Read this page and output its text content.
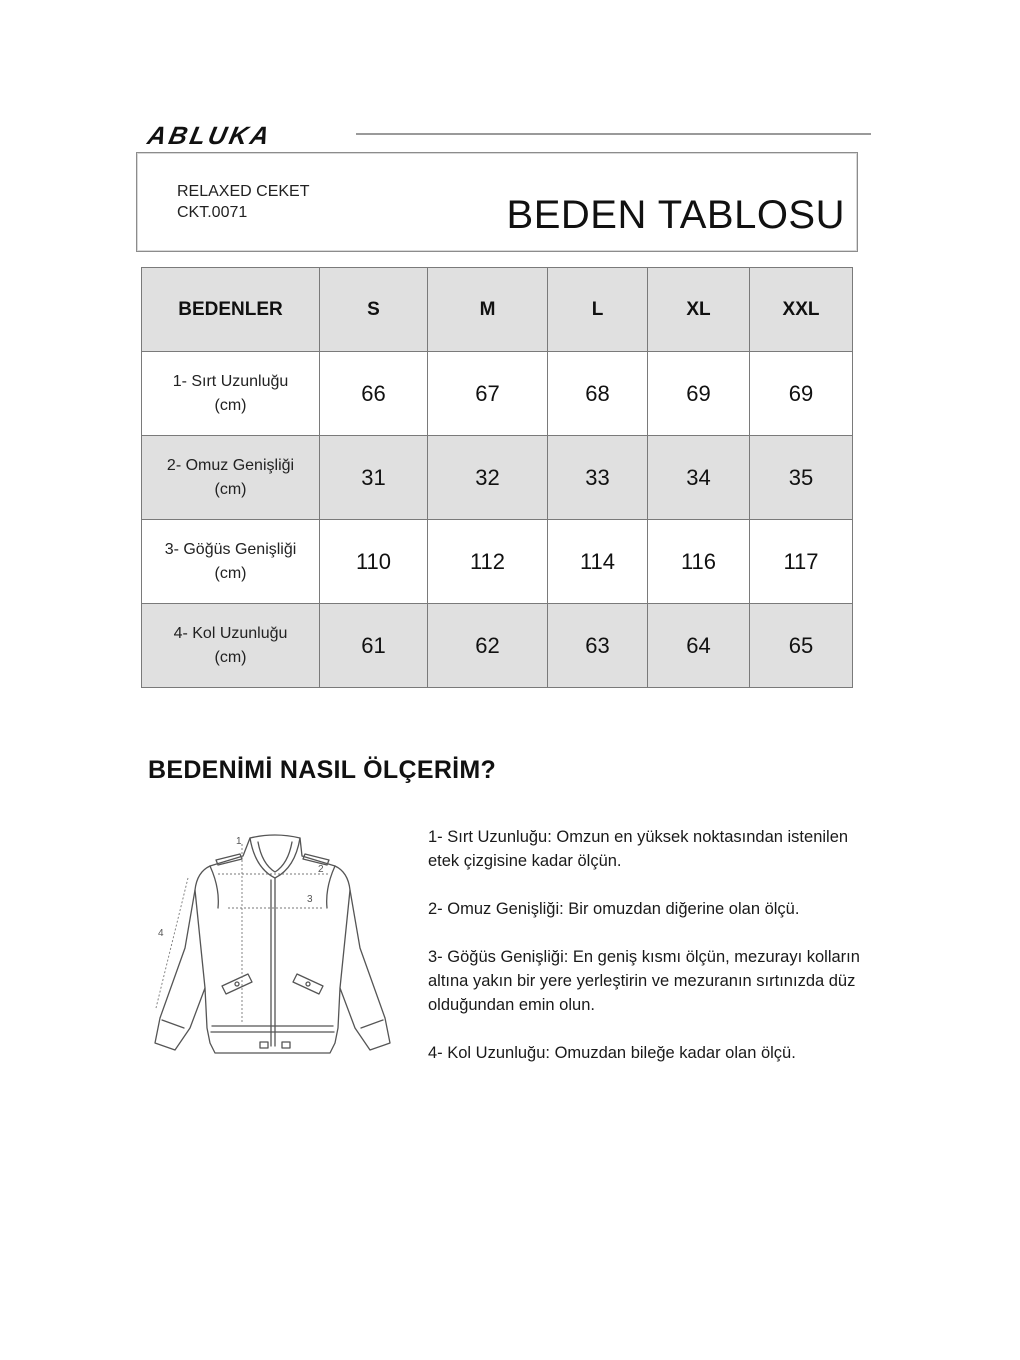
ABLUKA
RELAXED CEKET
CKT.0071	BEDEN TABLOSU
BEDENLER	S	M	L	XL	XXL
1- Sırt Uzunluğu
(cm)	66	67	68	69	69
2- Omuz Genişliği
(cm)	31	32	33	34	35
3- Göğüs Genişliği
(cm)	110	112	114	116	117
4- Kol Uzunluğu
(cm)	61	62	63	64	65
BEDENİMİ NASIL ÖLÇERİM?
1
2
3
4

1- Sırt Uzunluğu: Omzun en yüksek noktasından istenilen etek çizgisine kadar ölçün.

2- Omuz Genişliği: Bir omuzdan diğerine olan ölçü.

3- Göğüs Genişliği: En geniş kısmı ölçün, mezurayı kolların altına yakın bir yere yerleştirin ve mezuranın sırtınızda düz olduğundan emin olun.

4- Kol Uzunluğu: Omuzdan bileğe kadar olan ölçü.
